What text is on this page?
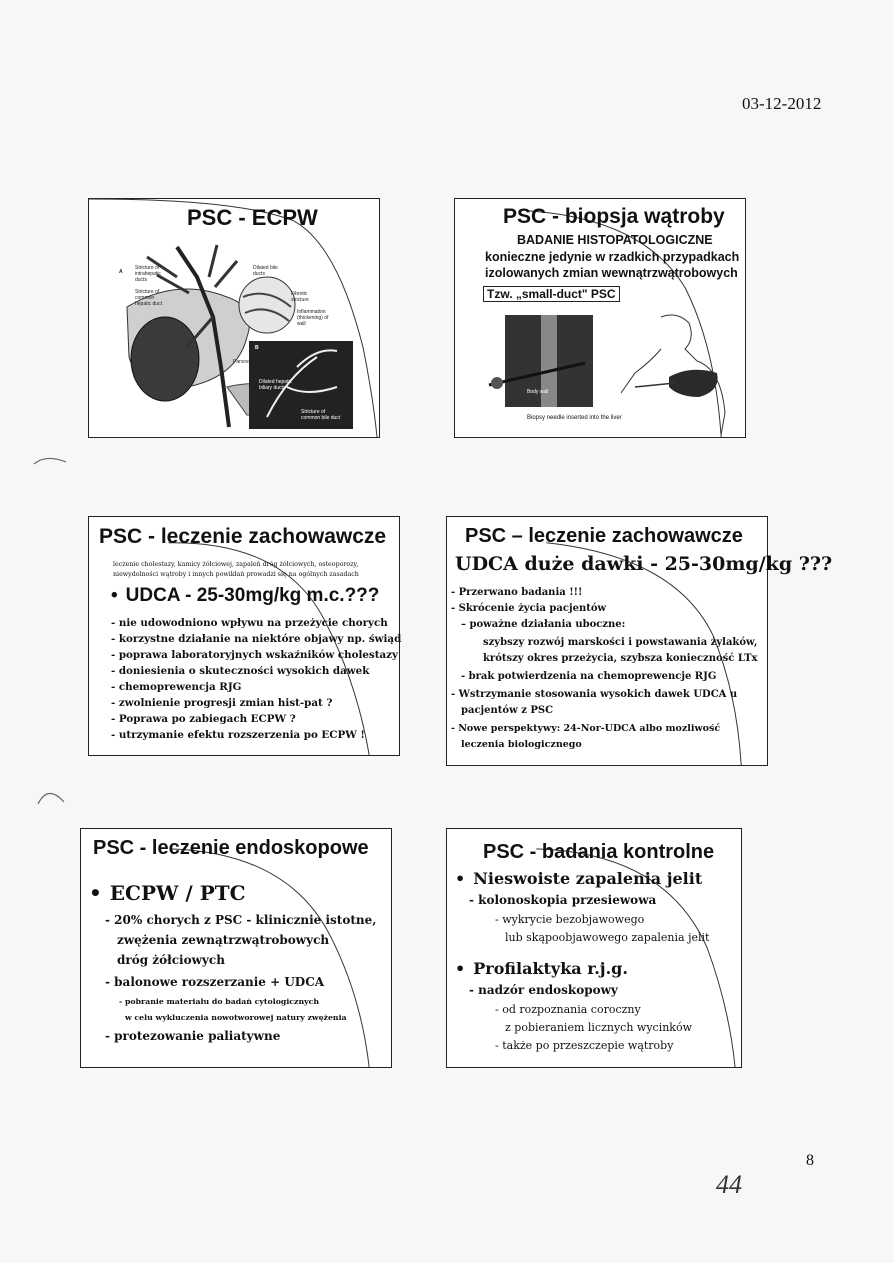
03-12-2012
PSC - ECPW
A
Stricture of intrahepatic ducts
Stricture of common hepatic duct
Dilated bile ducts
Fibrotic stricture
Inflammation (thickening) of wall
B
Pancreas
Dilated hepatic biliary ducts
Stricture of common bile duct
PSC - biopsja wątroby
BADANIE HISTOPATOLOGICZNE
konieczne jedynie w rzadkich przypadkach
izolowanych zmian wewnątrzwątrobowych
Tzw. „small-duct" PSC
Body wall
Biopsy needle inserted into the liver
PSC - leczenie zachowawcze
leczenie cholestazy, kamicy żółciowej, zapaleń dróg żółciowych, osteoporozy,
niewydolności wątroby i innych powikłań prowadzi się na ogólnych zasadach
• UDCA - 25-30mg/kg m.c.???
- nie udowodniono wpływu na przeżycie chorych
- korzystne działanie na niektóre objawy np. świąd
- poprawa laboratoryjnych wskaźników cholestazy
- doniesienia o skuteczności wysokich dawek
- chemoprewencja RJG
- zwolnienie progresji zmian hist-pat ?
- Poprawa po zabiegach ECPW ?
- utrzymanie efektu rozszerzenia po ECPW !
PSC – leczenie zachowawcze
UDCA duże dawki - 25-30mg/kg ???
- Przerwano badania !!!
- Skrócenie życia pacjentów
– poważne działania uboczne:
szybszy rozwój marskości i powstawania żylaków,
krótszy okres przeżycia, szybsza konieczność LTx
- brak potwierdzenia na chemoprewencje RJG
- Wstrzymanie stosowania wysokich dawek UDCA u
pacjentów z PSC
- Nowe perspektywy: 24-Nor-UDCA albo mozliwość
leczenia biologicznego
PSC - leczenie endoskopowe
• ECPW / PTC
- 20% chorych z PSC - klinicznie istotne,
zwężenia zewnątrzwątrobowych
dróg żółciowych
- balonowe rozszerzanie + UDCA
- pobranie materiału do badań cytologicznych
w celu wykluczenia nowotworowej natury zwężenia
- protezowanie paliatywne
PSC - badania kontrolne
• Nieswoiste zapalenia jelit
- kolonoskopia przesiewowa
- wykrycie bezobjawowego
lub skąpoobjawowego zapalenia jelit
• Profilaktyka r.j.g.
- nadzór endoskopowy
- od rozpoznania coroczny
z pobieraniem licznych wycinków
- także po przeszczepie wątroby
8
44
